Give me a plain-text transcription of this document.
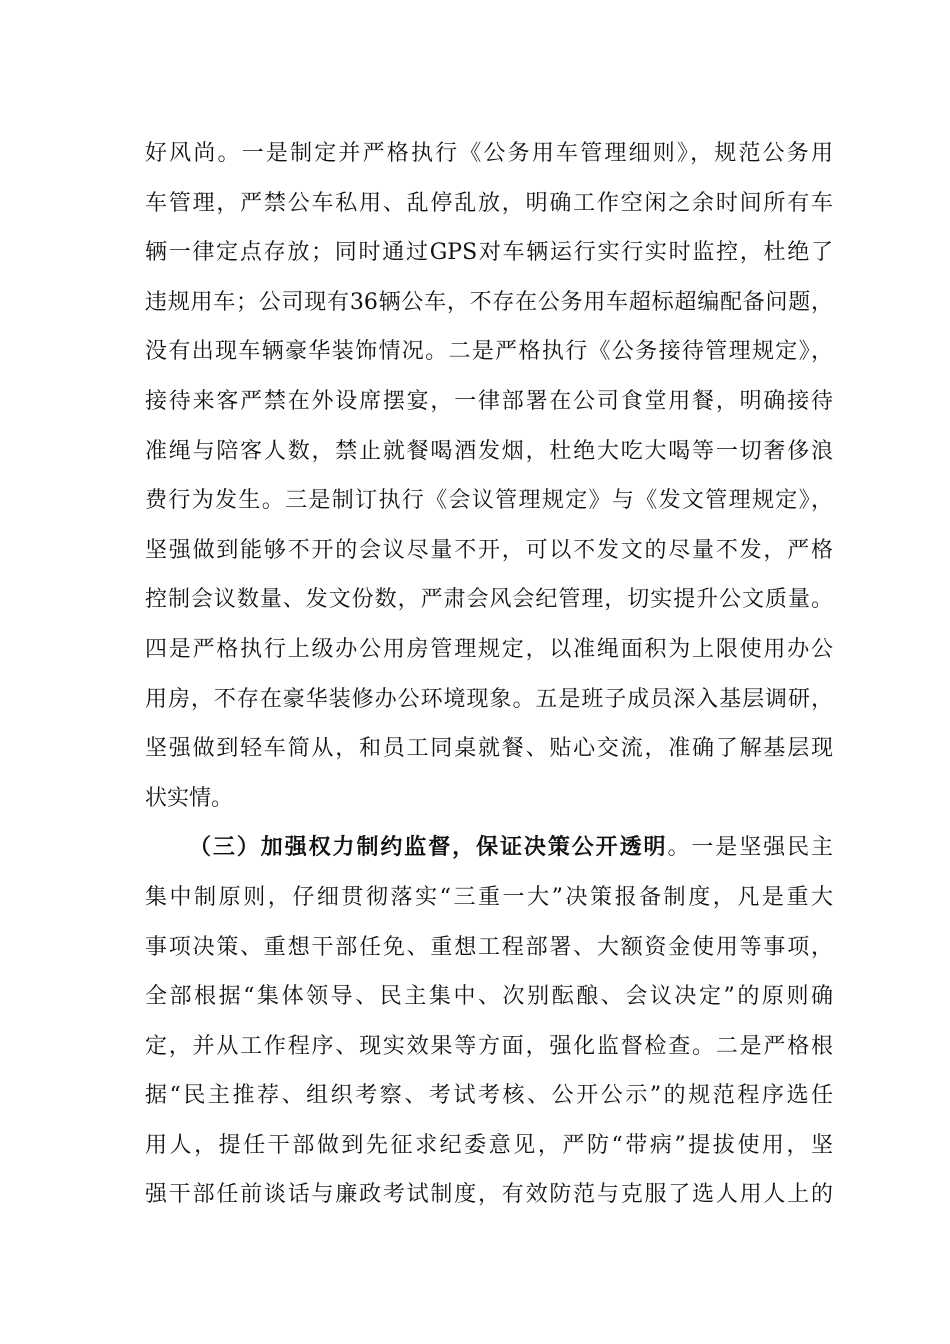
好风尚。一是制定并严格执行《公务用车管理细则》，规范公务用
车管理，严禁公车私用、乱停乱放，明确工作空闲之余时间所有车
辆一律定点存放；同时通过GPS对车辆运行实行实时监控，杜绝了
违规用车；公司现有36辆公车，不存在公务用车超标超编配备问题，
没有出现车辆豪华装饰情况。二是严格执行《公务接待管理规定》，
接待来客严禁在外设席摆宴，一律部署在公司食堂用餐，明确接待
准绳与陪客人数，禁止就餐喝酒发烟，杜绝大吃大喝等一切奢侈浪
费行为发生。三是制订执行《会议管理规定》与《发文管理规定》，
坚强做到能够不开的会议尽量不开，可以不发文的尽量不发，严格
控制会议数量、发文份数，严肃会风会纪管理，切实提升公文质量。
四是严格执行上级办公用房管理规定，以准绳面积为上限使用办公
用房，不存在豪华装修办公环境现象。五是班子成员深入基层调研，
坚强做到轻车简从，和员工同桌就餐、贴心交流，准确了解基层现
状实情。
（三）加强权力制约监督，保证决策公开透明。一是坚强民主
集中制原则，仔细贯彻落实“三重一大”决策报备制度，凡是重大
事项决策、重想干部任免、重想工程部署、大额资金使用等事项，
全部根据“集体领导、民主集中、次别酝酿、会议决定”的原则确
定，并从工作程序、现实效果等方面，强化监督检查。二是严格根
据“民主推荐、组织考察、考试考核、公开公示”的规范程序选任
用人，提任干部做到先征求纪委意见，严防“带病”提拔使用，坚
强干部任前谈话与廉政考试制度，有效防范与克服了选人用人上的
